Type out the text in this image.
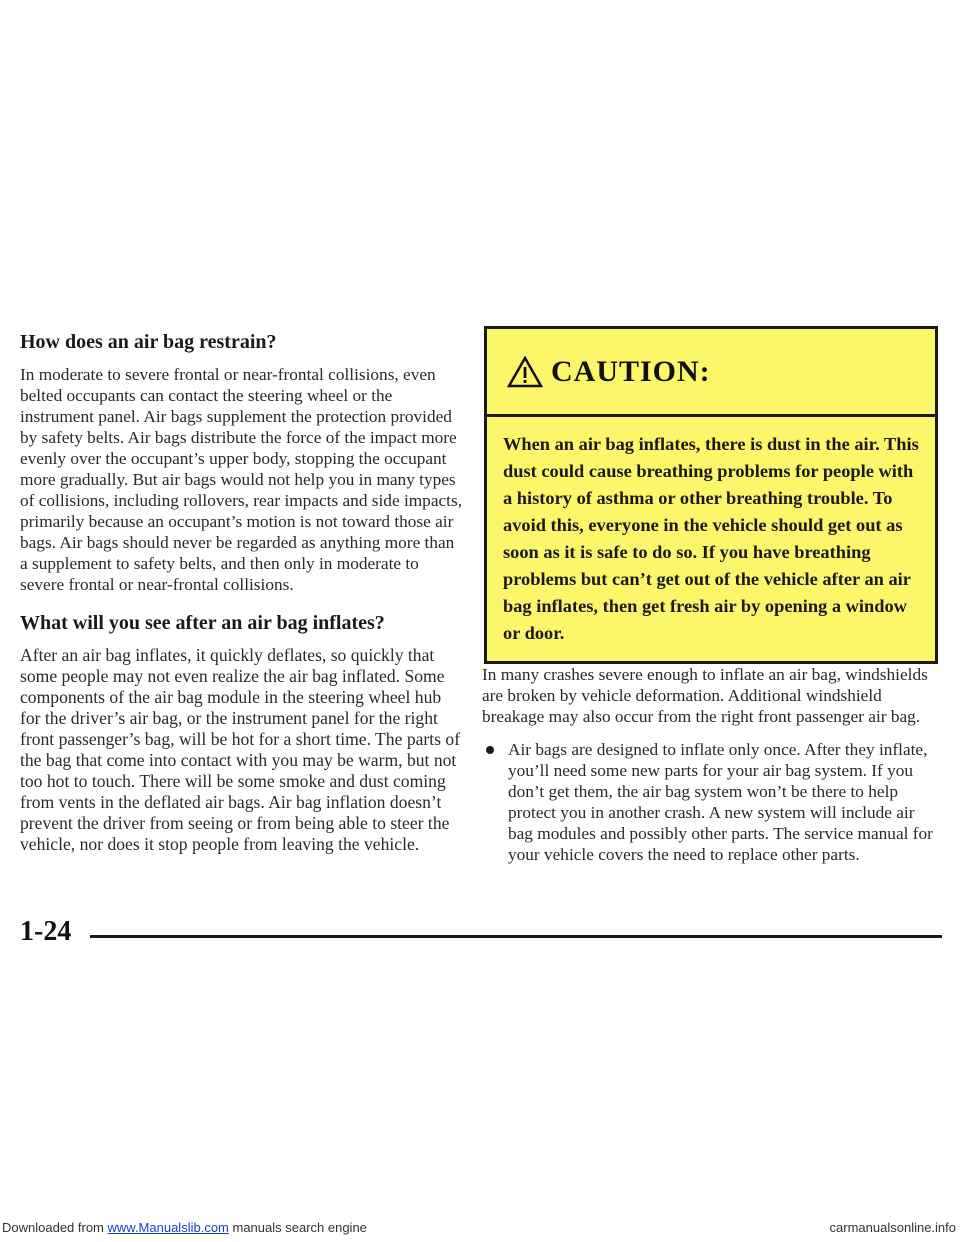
How does an air bag restrain?

In moderate to severe frontal or near-frontal collisions, even belted occupants can contact the steering wheel or the instrument panel. Air bags supplement the protection provided by safety belts. Air bags distribute the force of the impact more evenly over the occupant’s upper body, stopping the occupant more gradually. But air bags would not help you in many types of collisions, including rollovers, rear impacts and side impacts, primarily because an occupant’s motion is not toward those air bags. Air bags should never be regarded as anything more than a supplement to safety belts, and then only in moderate to severe frontal or near-frontal collisions.

What will you see after an air bag inflates?

After an air bag inflates, it quickly deflates, so quickly that some people may not even realize the air bag inflated. Some components of the air bag module in the steering wheel hub for the driver’s air bag, or the instrument panel for the right front passenger’s bag, will be hot for a short time. The parts of the bag that come into contact with you may be warm, but not too hot to touch. There will be some smoke and dust coming from vents in the deflated air bags. Air bag inflation doesn’t prevent the driver from seeing or from being able to steer the vehicle, nor does it stop people from leaving the vehicle.

CAUTION:
When an air bag inflates, there is dust in the air. This dust could cause breathing problems for people with a history of asthma or other breathing trouble. To avoid this, everyone in the vehicle should get out as soon as it is safe to do so. If you have breathing problems but can’t get out of the vehicle after an air bag inflates, then get fresh air by opening a window or door.

In many crashes severe enough to inflate an air bag, windshields are broken by vehicle deformation. Additional windshield breakage may also occur from the right front passenger air bag.

Air bags are designed to inflate only once. After they inflate, you’ll need some new parts for your air bag system. If you don’t get them, the air bag system won’t be there to help protect you in another crash. A new system will include air bag modules and possibly other parts. The service manual for your vehicle covers the need to replace other parts.
1-24
Downloaded from www.Manualslib.com manuals search engine	carmanualsonline.info
